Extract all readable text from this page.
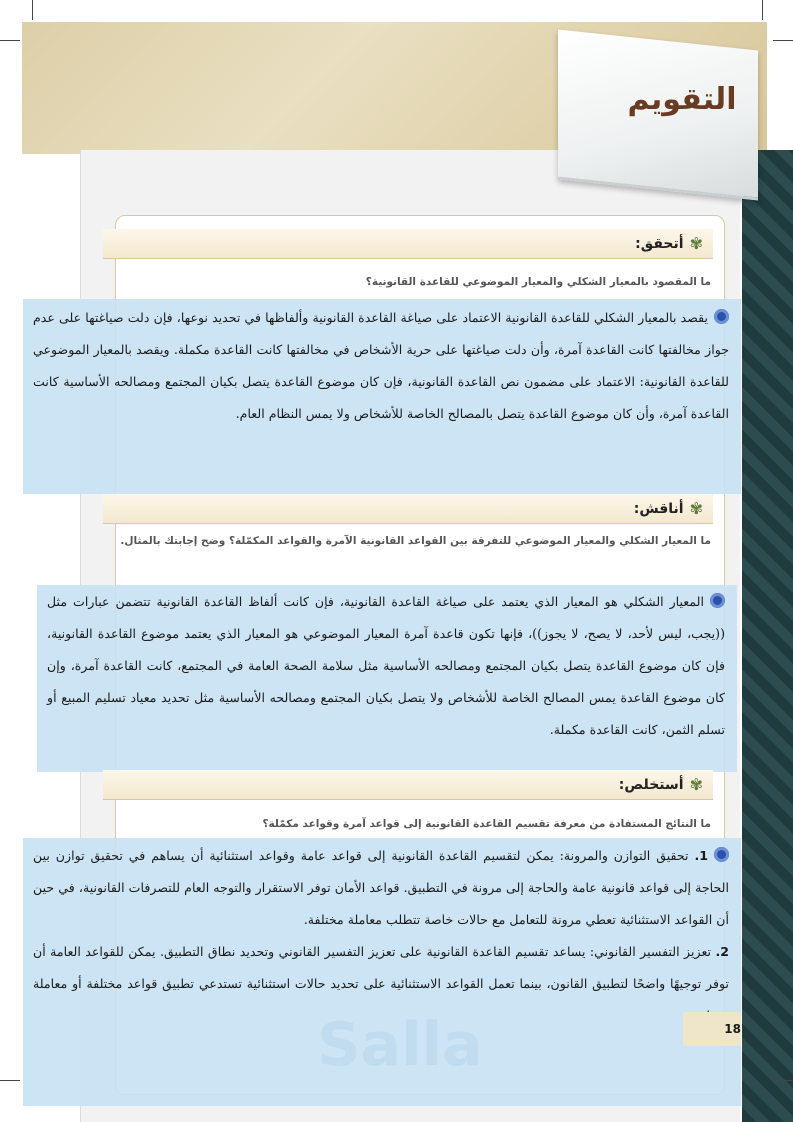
التقويم
✾
أتحقق:
ما المقصود بالمعيار الشكلي والمعيار الموضوعي للقاعدة القانونية؟

يقصد بالمعيار الشكلي للقاعدة القانونية الاعتماد على صياغة القاعدة القانونية وألفاظها في تحديد نوعها، فإن دلت صياغتها على عدم جواز مخالفتها كانت القاعدة آمرة، وأن دلت صياغتها على حرية الأشخاص في مخالفتها كانت القاعدة مكملة. ويقصد بالمعيار الموضوعي للقاعدة القانونية: الاعتماد على مضمون نص القاعدة القانونية، فإن كان موضوع القاعدة يتصل بكيان المجتمع ومصالحه الأساسية كانت القاعدة آمرة، وأن كان موضوع القاعدة يتصل بالمصالح الخاصة للأشخاص ولا يمس النظام العام.

✾
أناقش:
ما المعيار الشكلي والمعيار الموضوعي للتفرقة بين القواعد القانونية الآمرة والقواعد المكمّلة؟ وضح إجابتك بالمثال.

المعيار الشكلي هو المعيار الذي يعتمد على صياغة القاعدة القانونية، فإن كانت ألفاظ القاعدة القانونية تتضمن عبارات مثل ((يجب، ليس لأحد، لا يصح، لا يجوز))، فإنها تكون قاعدة آمرة المعيار الموضوعي هو المعيار الذي يعتمد موضوع القاعدة القانونية، فإن كان موضوع القاعدة يتصل بكيان المجتمع ومصالحه الأساسية مثل سلامة الصحة العامة في المجتمع، كانت القاعدة آمرة، وإن كان موضوع القاعدة يمس المصالح الخاصة للأشخاص ولا يتصل بكيان المجتمع ومصالحه الأساسية مثل تحديد معياد تسليم المبيع أو تسلم الثمن، كانت القاعدة مكملة.

✾
أستخلص:
ما النتائج المستفادة من معرفة تقسيم القاعدة القانونية إلى قواعد آمرة وقواعد مكمّلة؟

1. تحقيق التوازن والمرونة: يمكن لتقسيم القاعدة القانونية إلى قواعد عامة وقواعد استثنائية أن يساهم في تحقيق توازن بين الحاجة إلى قواعد قانونية عامة والحاجة إلى مرونة في التطبيق. قواعد الأمان توفر الاستقرار والتوجه العام للتصرفات القانونية، في حين أن القواعد الاستثنائية تعطي مرونة للتعامل مع حالات خاصة تتطلب معاملة مختلفة.

2. تعزيز التفسير القانوني: يساعد تقسيم القاعدة القانونية على تعزيز التفسير القانوني وتحديد نطاق التطبيق. يمكن للقواعد العامة أن توفر توجيهًا واضحًا لتطبيق القانون، بينما تعمل القواعد الاستثنائية على تحديد حالات استثنائية تستدعي تطبيق قواعد مختلفة أو معاملة

18
Salla
